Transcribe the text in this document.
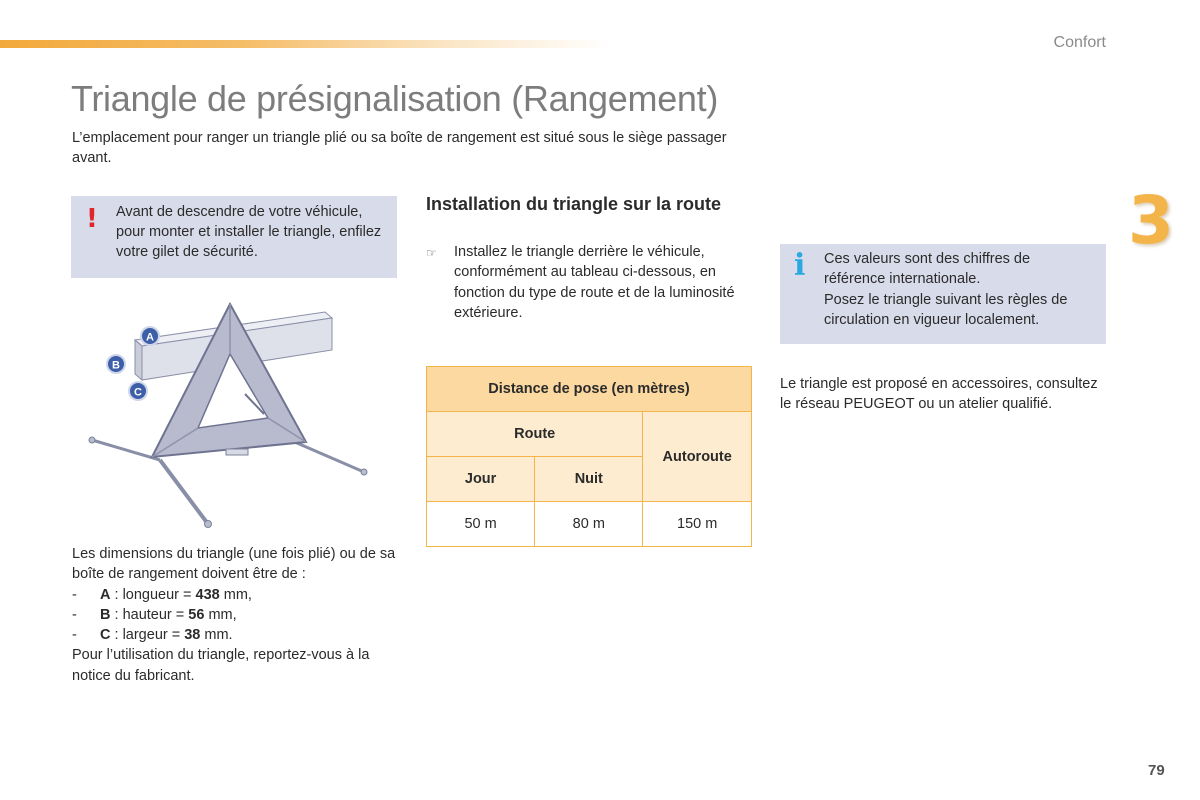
Confort
3
Triangle de présignalisation (Rangement)

L’emplacement pour ranger un triangle plié ou sa boîte de rangement est situé sous le siège passager avant.

! Avant de descendre de votre véhicule, pour monter et installer le triangle, enfilez votre gilet de sécurité.

A
B
C

Les dimensions du triangle (une fois plié) ou de sa boîte de rangement doivent être de :

-	A : longueur = 438 mm,
-	B : hauteur = 56 mm,
-	C : largeur = 38 mm.

Pour l’utilisation du triangle, reportez-vous à la notice du fabricant.

Installation du triangle sur la route
☞	Installez le triangle derrière le véhicule, conformément au tableau ci-dessous, en fonction du type de route et de la luminosité extérieure.

Distance de pose (en mètres)		
Route		Autoroute
Jour	Nuit	
50 m	80 m	150 m
i Ces valeurs sont des chiffres de référence internationale.
Posez le triangle suivant les règles de circulation en vigueur localement.

Le triangle est proposé en accessoires, consultez le réseau PEUGEOT ou un atelier qualifié.

79
